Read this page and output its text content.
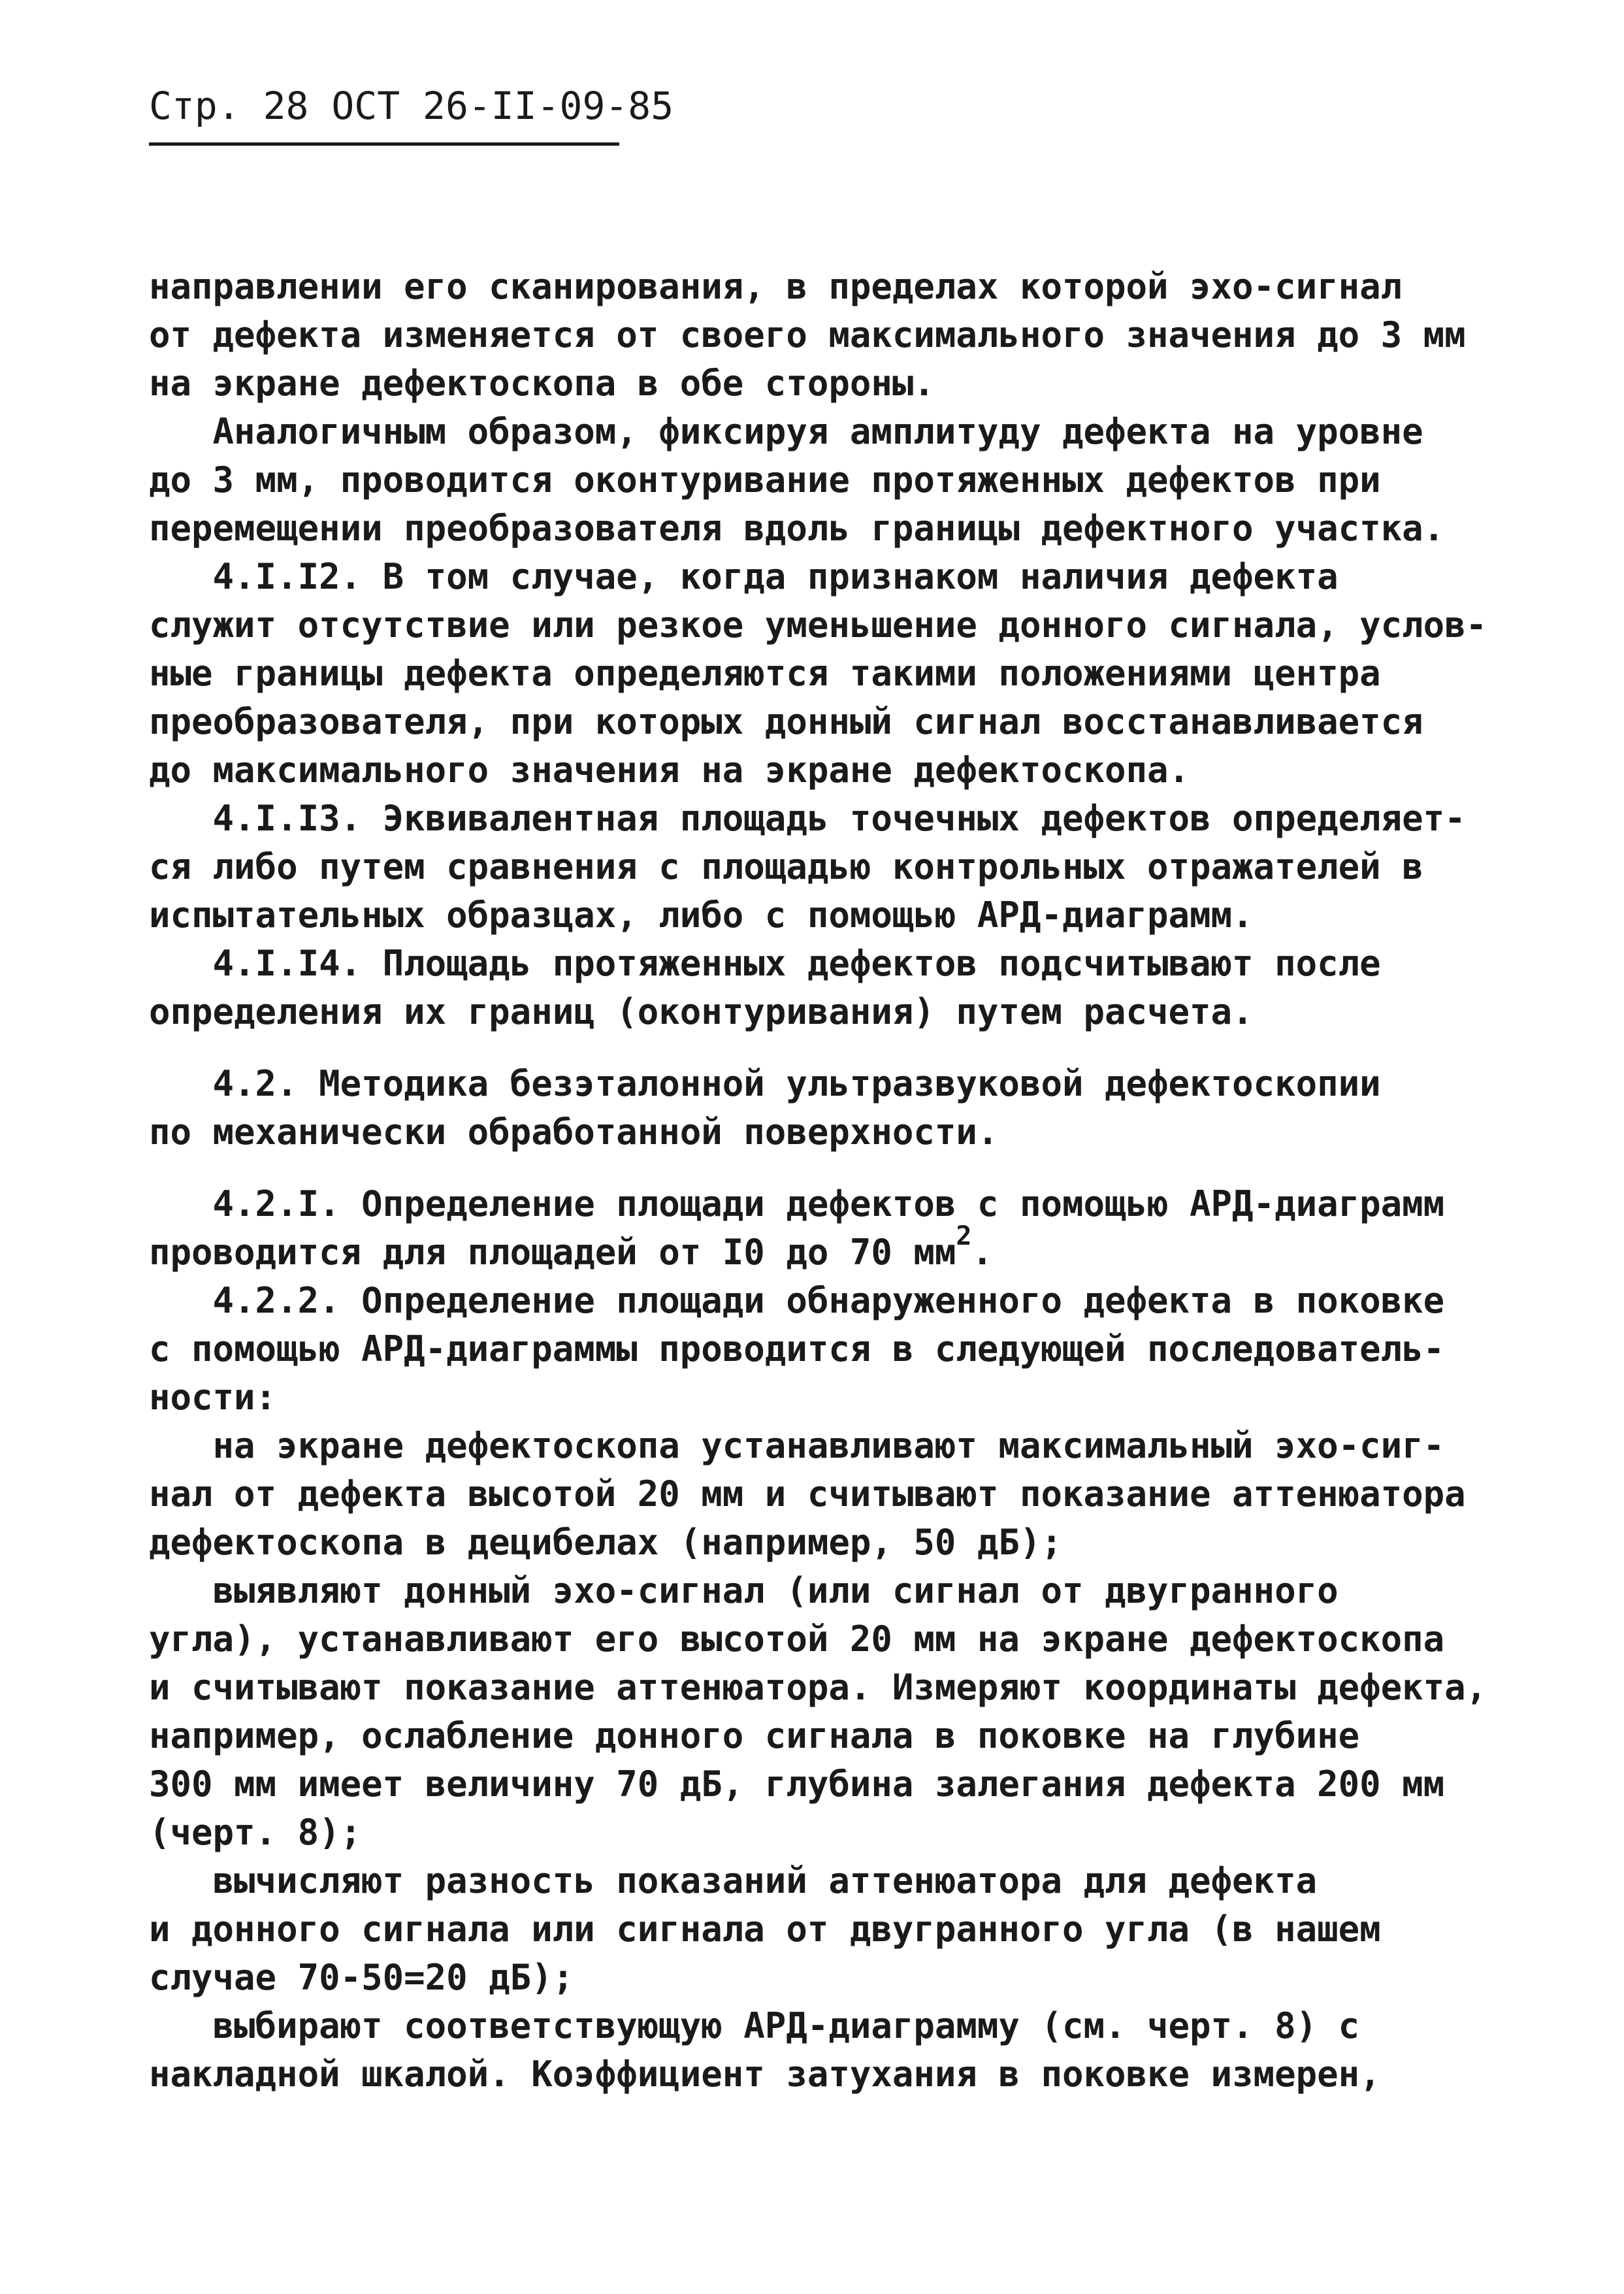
Стр. 28 ОСТ 26-II-09-85
направлении его сканирования, в пределах которой эхо-сигнал
от дефекта изменяется от своего максимального значения до 3 мм
на экране дефектоскопа в обе стороны.
Аналогичным образом, фиксируя амплитуду дефекта на уровне
до 3 мм, проводится оконтуривание протяженных дефектов при
перемещении преобразователя вдоль границы дефектного участка.
4.I.I2. В том случае, когда признаком наличия дефекта
служит отсутствие или резкое уменьшение донного сигнала, услов-
ные границы дефекта определяются такими положениями центра
преобразователя, при которых донный сигнал восстанавливается
до максимального значения на экране дефектоскопа.
4.I.I3. Эквивалентная площадь точечных дефектов определяет-
ся либо путем сравнения с площадью контрольных отражателей в
испытательных образцах, либо с помощью АРД-диаграмм.
4.I.I4. Площадь протяженных дефектов подсчитывают после
определения их границ (оконтуривания) путем расчета.
4.2. Методика безэталонной ультразвуковой дефектоскопии
по механически обработанной поверхности.
4.2.I. Определение площади дефектов с помощью АРД-диаграмм
проводится для площадей от I0 до 70 $мм^2$.
4.2.2. Определение площади обнаруженного дефекта в поковке
с помощью АРД-диаграммы проводится в следующей последователь-
ности:
на экране дефектоскопа устанавливают максимальный эхо-сиг-
нал от дефекта высотой 20 мм и считывают показание аттенюатора
дефектоскопа в децибелах (например, 50 дБ);
выявляют донный эхо-сигнал (или сигнал от двугранного
угла), устанавливают его высотой 20 мм на экране дефектоскопа
и считывают показание аттенюатора. Измеряют координаты дефекта,
например, ослабление донного сигнала в поковке на глубине
300 мм имеет величину 70 дБ, глубина залегания дефекта 200 мм
(черт. 8);
вычисляют разность показаний аттенюатора для дефекта
и донного сигнала или сигнала от двугранного угла (в нашем
случае 70-50=20 дБ);
выбирают соответствующую АРД-диаграмму (см. черт. 8) с
накладной шкалой. Коэффициент затухания в поковке измерен,
